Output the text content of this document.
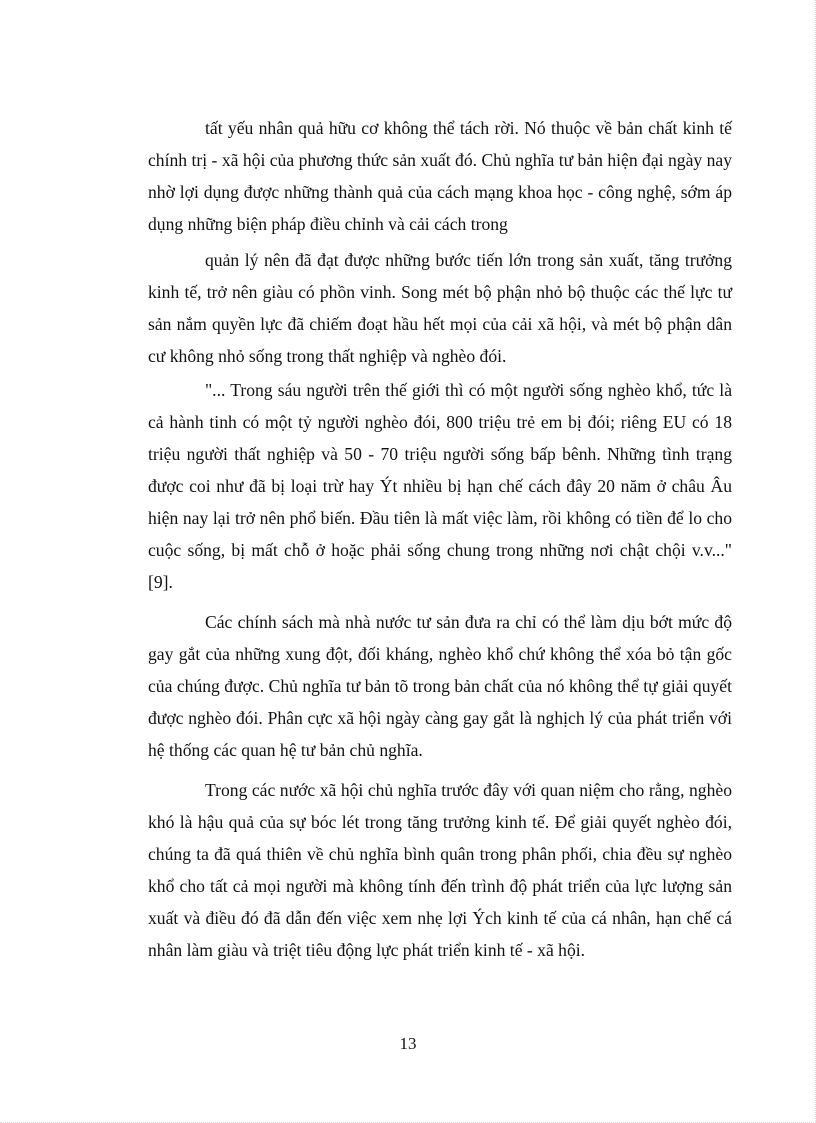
tất yếu nhân quả hữu cơ không thể tách rời. Nó thuộc về bản chất kinh tế chính trị - xã hội của phương thức sản xuất đó. Chủ nghĩa tư bản hiện đại ngày nay nhờ lợi dụng được những thành quả của cách mạng khoa học - công nghệ, sớm áp dụng những biện pháp điều chỉnh và cải cách trong

quản lý nên đã đạt được những bước tiến lớn trong sản xuất, tăng trưởng kinh tế, trở nên giàu có phồn vinh. Song mét bộ phận nhỏ bộ thuộc các thế lực tư sản nắm quyền lực đã chiếm đoạt hầu hết mọi của cải xã hội, và mét bộ phận dân cư không nhỏ sống trong thất nghiệp và nghèo đói.

"... Trong sáu người trên thế giới thì có một người sống nghèo khổ, tức là cả hành tinh có một tỷ người nghèo đói, 800 triệu trẻ em bị đói; riêng EU có 18 triệu người thất nghiệp và 50 - 70 triệu người sống bấp bênh. Những tình trạng được coi như đã bị loại trừ hay Ýt nhiều bị hạn chế cách đây 20 năm ở châu Âu hiện nay lại trở nên phổ biến. Đầu tiên là mất việc làm, rồi không có tiền để lo cho cuộc sống, bị mất chỗ ở hoặc phải sống chung trong những nơi chật chội v.v..." [9].

Các chính sách mà nhà nước tư sản đưa ra chỉ có thể làm dịu bớt mức độ gay gắt của những xung đột, đối kháng, nghèo khổ chứ không thể xóa bỏ tận gốc của chúng được. Chủ nghĩa tư bản tõ trong bản chất của nó không thể tự giải quyết được nghèo đói. Phân cực xã hội ngày càng gay gắt là nghịch lý của phát triển với hệ thống các quan hệ tư bản chủ nghĩa.

Trong các nước xã hội chủ nghĩa trước đây với quan niệm cho rằng, nghèo khó là hậu quả của sự bóc lét trong tăng trưởng kinh tế. Để giải quyết nghèo đói, chúng ta đã quá thiên về chủ nghĩa bình quân trong phân phối, chia đều sự nghèo khổ cho tất cả mọi người mà không tính đến trình độ phát triển của lực lượng sản xuất và điều đó đã dẫn đến việc xem nhẹ lợi Ých kinh tế của cá nhân, hạn chế cá nhân làm giàu và triệt tiêu động lực phát triển kinh tế - xã hội.

13
